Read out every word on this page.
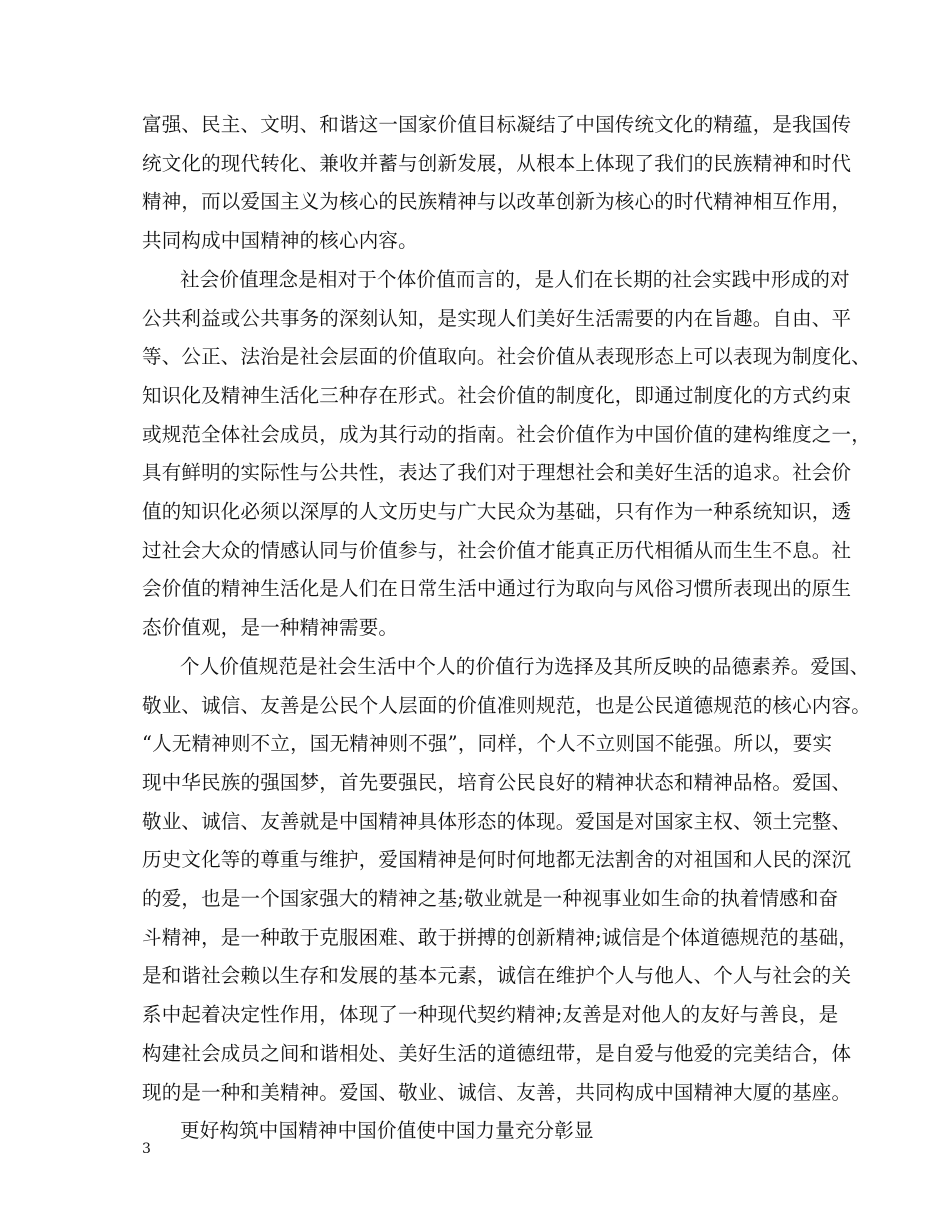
富强、民主、文明、和谐这一国家价值目标凝结了中国传统文化的精蕴，是我国传
统文化的现代转化、兼收并蓄与创新发展，从根本上体现了我们的民族精神和时代
精神，而以爱国主义为核心的民族精神与以改革创新为核心的时代精神相互作用，
共同构成中国精神的核心内容。
社会价值理念是相对于个体价值而言的，是人们在长期的社会实践中形成的对
公共利益或公共事务的深刻认知，是实现人们美好生活需要的内在旨趣。自由、平
等、公正、法治是社会层面的价值取向。社会价值从表现形态上可以表现为制度化、
知识化及精神生活化三种存在形式。社会价值的制度化，即通过制度化的方式约束
或规范全体社会成员，成为其行动的指南。社会价值作为中国价值的建构维度之一，
具有鲜明的实际性与公共性，表达了我们对于理想社会和美好生活的追求。社会价
值的知识化必须以深厚的人文历史与广大民众为基础，只有作为一种系统知识，透
过社会大众的情感认同与价值参与，社会价值才能真正历代相循从而生生不息。社
会价值的精神生活化是人们在日常生活中通过行为取向与风俗习惯所表现出的原生
态价值观，是一种精神需要。
个人价值规范是社会生活中个人的价值行为选择及其所反映的品德素养。爱国、
敬业、诚信、友善是公民个人层面的价值准则规范，也是公民道德规范的核心内容。
“人无精神则不立，国无精神则不强”，同样，个人不立则国不能强。所以，要实
现中华民族的强国梦，首先要强民，培育公民良好的精神状态和精神品格。爱国、
敬业、诚信、友善就是中国精神具体形态的体现。爱国是对国家主权、领土完整、
历史文化等的尊重与维护，爱国精神是何时何地都无法割舍的对祖国和人民的深沉
的爱，也是一个国家强大的精神之基;敬业就是一种视事业如生命的执着情感和奋
斗精神，是一种敢于克服困难、敢于拼搏的创新精神;诚信是个体道德规范的基础，
是和谐社会赖以生存和发展的基本元素，诚信在维护个人与他人、个人与社会的关
系中起着决定性作用，体现了一种现代契约精神;友善是对他人的友好与善良，是
构建社会成员之间和谐相处、美好生活的道德纽带，是自爱与他爱的完美结合，体
现的是一种和美精神。爱国、敬业、诚信、友善，共同构成中国精神大厦的基座。
更好构筑中国精神中国价值使中国力量充分彰显
3
